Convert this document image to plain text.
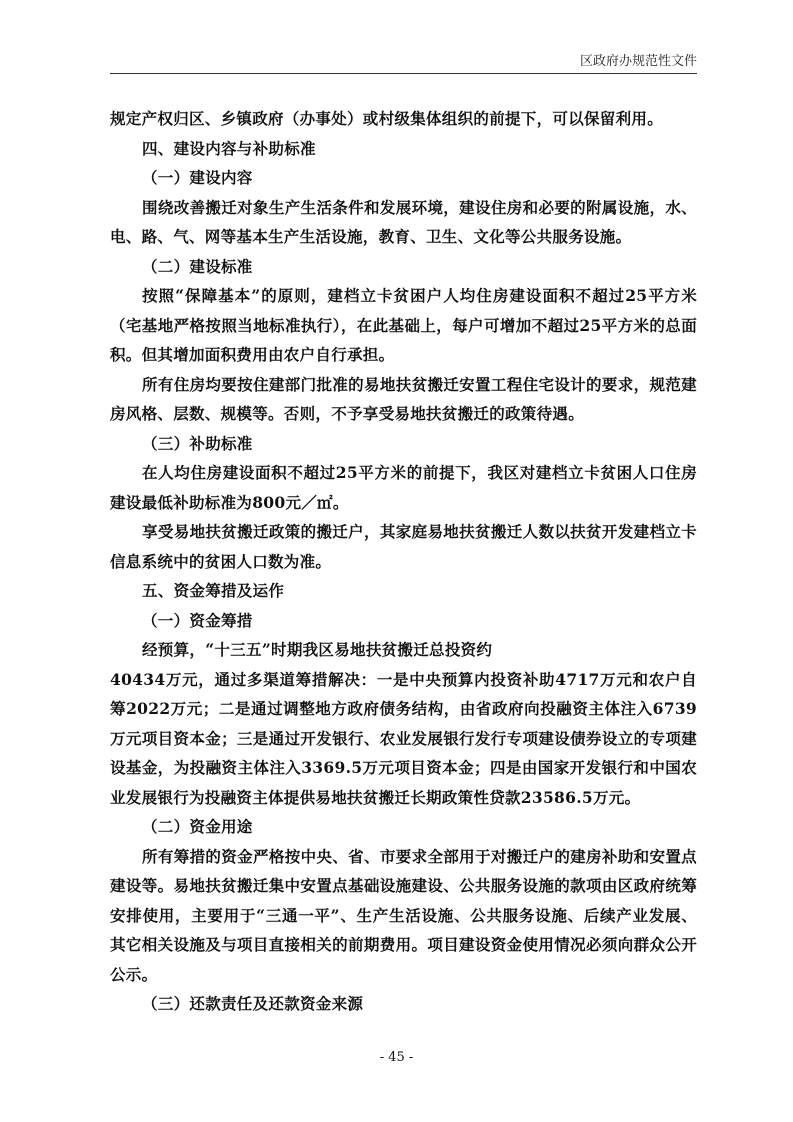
区政府办规范性文件

规定产权归区、乡镇政府（办事处）或村级集体组织的前提下，可以保留利用。

四、建设内容与补助标准

（一）建设内容

围绕改善搬迁对象生产生活条件和发展环境，建设住房和必要的附属设施，水、电、路、气、网等基本生产生活设施，教育、卫生、文化等公共服务设施。

（二）建设标准

按照“保障基本”的原则，建档立卡贫困户人均住房建设面积不超过25平方米（宅基地严格按照当地标准执行），在此基础上，每户可增加不超过25平方米的总面积。但其增加面积费用由农户自行承担。

所有住房均要按住建部门批准的易地扶贫搬迁安置工程住宅设计的要求，规范建房风格、层数、规模等。否则，不予享受易地扶贫搬迁的政策待遇。

（三）补助标准

在人均住房建设面积不超过25平方米的前提下，我区对建档立卡贫困人口住房建设最低补助标准为800元／㎡。

享受易地扶贫搬迁政策的搬迁户，其家庭易地扶贫搬迁人数以扶贫开发建档立卡信息系统中的贫困人口数为准。

五、资金筹措及运作

（一）资金筹措

经预算，“十三五”时期我区易地扶贫搬迁总投资约

40434万元，通过多渠道筹措解决：一是中央预算内投资补助4717万元和农户自筹2022万元；二是通过调整地方政府债务结构，由省政府向投融资主体注入6739万元项目资本金；三是通过开发银行、农业发展银行发行专项建设债券设立的专项建设基金，为投融资主体注入3369.5万元项目资本金；四是由国家开发银行和中国农业发展银行为投融资主体提供易地扶贫搬迁长期政策性贷款23586.5万元。

（二）资金用途

所有筹措的资金严格按中央、省、市要求全部用于对搬迁户的建房补助和安置点建设等。易地扶贫搬迁集中安置点基础设施建设、公共服务设施的款项由区政府统筹安排使用，主要用于“三通一平”、生产生活设施、公共服务设施、后续产业发展、其它相关设施及与项目直接相关的前期费用。项目建设资金使用情况必须向群众公开公示。

（三）还款责任及还款资金来源

- 45 -
